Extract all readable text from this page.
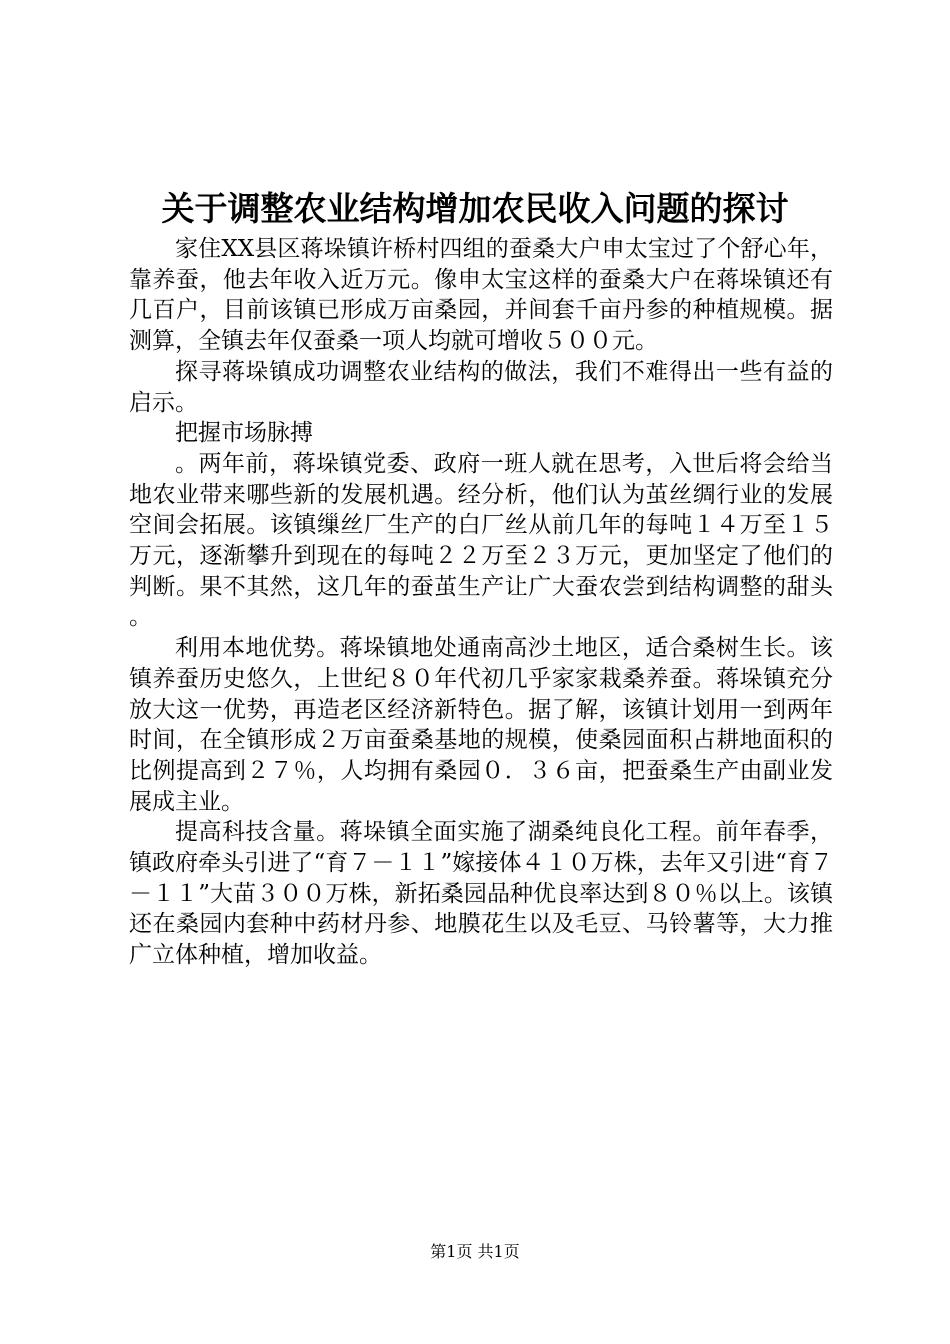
关于调整农业结构增加农民收入问题的探讨

家住XX县区蒋垛镇许桥村四组的蚕桑大户申太宝过了个舒心年，靠养蚕，他去年收入近万元。像申太宝这样的蚕桑大户在蒋垛镇还有几百户，目前该镇已形成万亩桑园，并间套千亩丹参的种植规模。据测算，全镇去年仅蚕桑一项人均就可增收５００元。

探寻蒋垛镇成功调整农业结构的做法，我们不难得出一些有益的启示。

把握市场脉搏

。两年前，蒋垛镇党委、政府一班人就在思考，入世后将会给当地农业带来哪些新的发展机遇。经分析，他们认为茧丝绸行业的发展空间会拓展。该镇缫丝厂生产的白厂丝从前几年的每吨１４万至１５万元，逐渐攀升到现在的每吨２２万至２３万元，更加坚定了他们的判断。果不其然，这几年的蚕茧生产让广大蚕农尝到结构调整的甜头。

利用本地优势。蒋垛镇地处通南高沙土地区，适合桑树生长。该镇养蚕历史悠久，上世纪８０年代初几乎家家栽桑养蚕。蒋垛镇充分放大这一优势，再造老区经济新特色。据了解，该镇计划用一到两年时间，在全镇形成２万亩蚕桑基地的规模，使桑园面积占耕地面积的比例提高到２７％，人均拥有桑园０．３６亩，把蚕桑生产由副业发展成主业。

提高科技含量。蒋垛镇全面实施了湖桑纯良化工程。前年春季，镇政府牵头引进了“育７－１１”嫁接体４１０万株，去年又引进“育７－１１”大苗３００万株，新拓桑园品种优良率达到８０％以上。该镇还在桑园内套种中药材丹参、地膜花生以及毛豆、马铃薯等，大力推广立体种植，增加收益。

第1页 共1页
